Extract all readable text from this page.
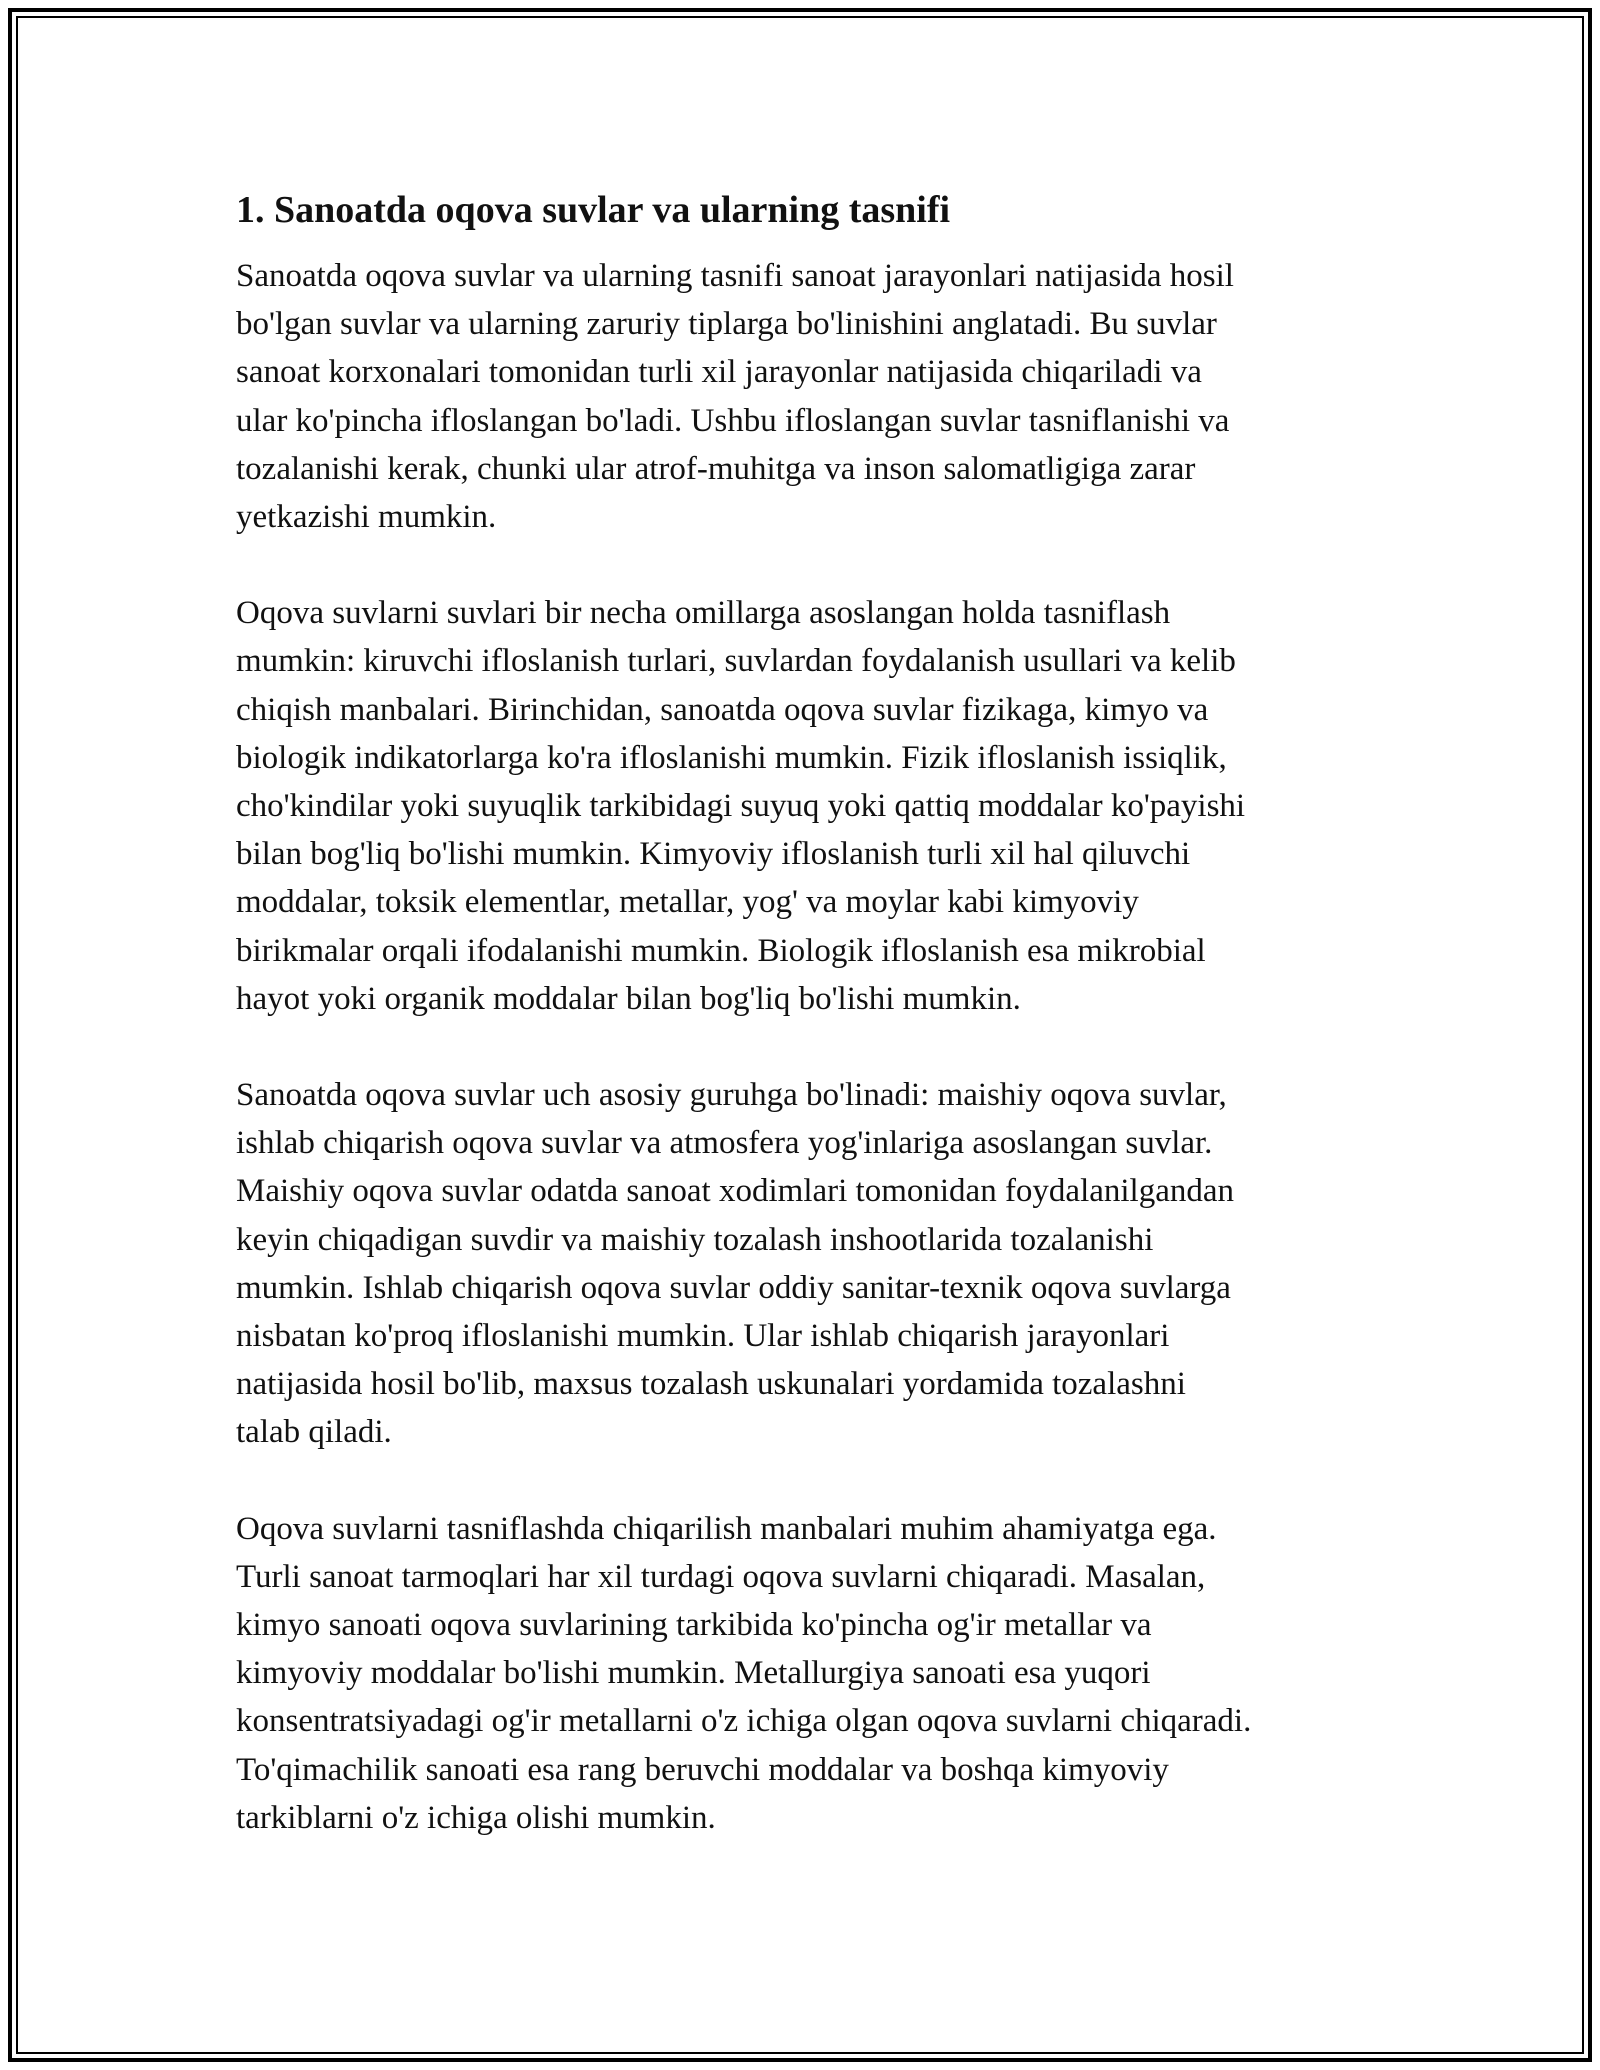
1. Sanoatda oqova suvlar va ularning tasnifi
Sanoatda oqova suvlar va ularning tasnifi sanoat jarayonlari natijasida hosil
bo'lgan suvlar va ularning zaruriy tiplarga bo'linishini anglatadi. Bu suvlar
sanoat korxonalari tomonidan turli xil jarayonlar natijasida chiqariladi va
ular ko'pincha ifloslangan bo'ladi. Ushbu ifloslangan suvlar tasniflanishi va
tozalanishi kerak, chunki ular atrof-muhitga va inson salomatligiga zarar
yetkazishi mumkin.
Oqova suvlarni suvlari bir necha omillarga asoslangan holda tasniflash
mumkin: kiruvchi ifloslanish turlari, suvlardan foydalanish usullari va kelib
chiqish manbalari. Birinchidan, sanoatda oqova suvlar fizikaga, kimyo va
biologik indikatorlarga ko'ra ifloslanishi mumkin. Fizik ifloslanish issiqlik,
cho'kindilar yoki suyuqlik tarkibidagi suyuq yoki qattiq moddalar ko'payishi
bilan bog'liq bo'lishi mumkin. Kimyoviy ifloslanish turli xil hal qiluvchi
moddalar, toksik elementlar, metallar, yog' va moylar kabi kimyoviy
birikmalar orqali ifodalanishi mumkin. Biologik ifloslanish esa mikrobial
hayot yoki organik moddalar bilan bog'liq bo'lishi mumkin.
Sanoatda oqova suvlar uch asosiy guruhga bo'linadi: maishiy oqova suvlar,
ishlab chiqarish oqova suvlar va atmosfera yog'inlariga asoslangan suvlar.
Maishiy oqova suvlar odatda sanoat xodimlari tomonidan foydalanilgandan
keyin chiqadigan suvdir va maishiy tozalash inshootlarida tozalanishi
mumkin. Ishlab chiqarish oqova suvlar oddiy sanitar-texnik oqova suvlarga
nisbatan ko'proq ifloslanishi mumkin. Ular ishlab chiqarish jarayonlari
natijasida hosil bo'lib, maxsus tozalash uskunalari yordamida tozalashni
talab qiladi.
Oqova suvlarni tasniflashda chiqarilish manbalari muhim ahamiyatga ega.
Turli sanoat tarmoqlari har xil turdagi oqova suvlarni chiqaradi. Masalan,
kimyo sanoati oqova suvlarining tarkibida ko'pincha og'ir metallar va
kimyoviy moddalar bo'lishi mumkin. Metallurgiya sanoati esa yuqori
konsentratsiyadagi og'ir metallarni o'z ichiga olgan oqova suvlarni chiqaradi.
To'qimachilik sanoati esa rang beruvchi moddalar va boshqa kimyoviy
tarkiblarni o'z ichiga olishi mumkin.
